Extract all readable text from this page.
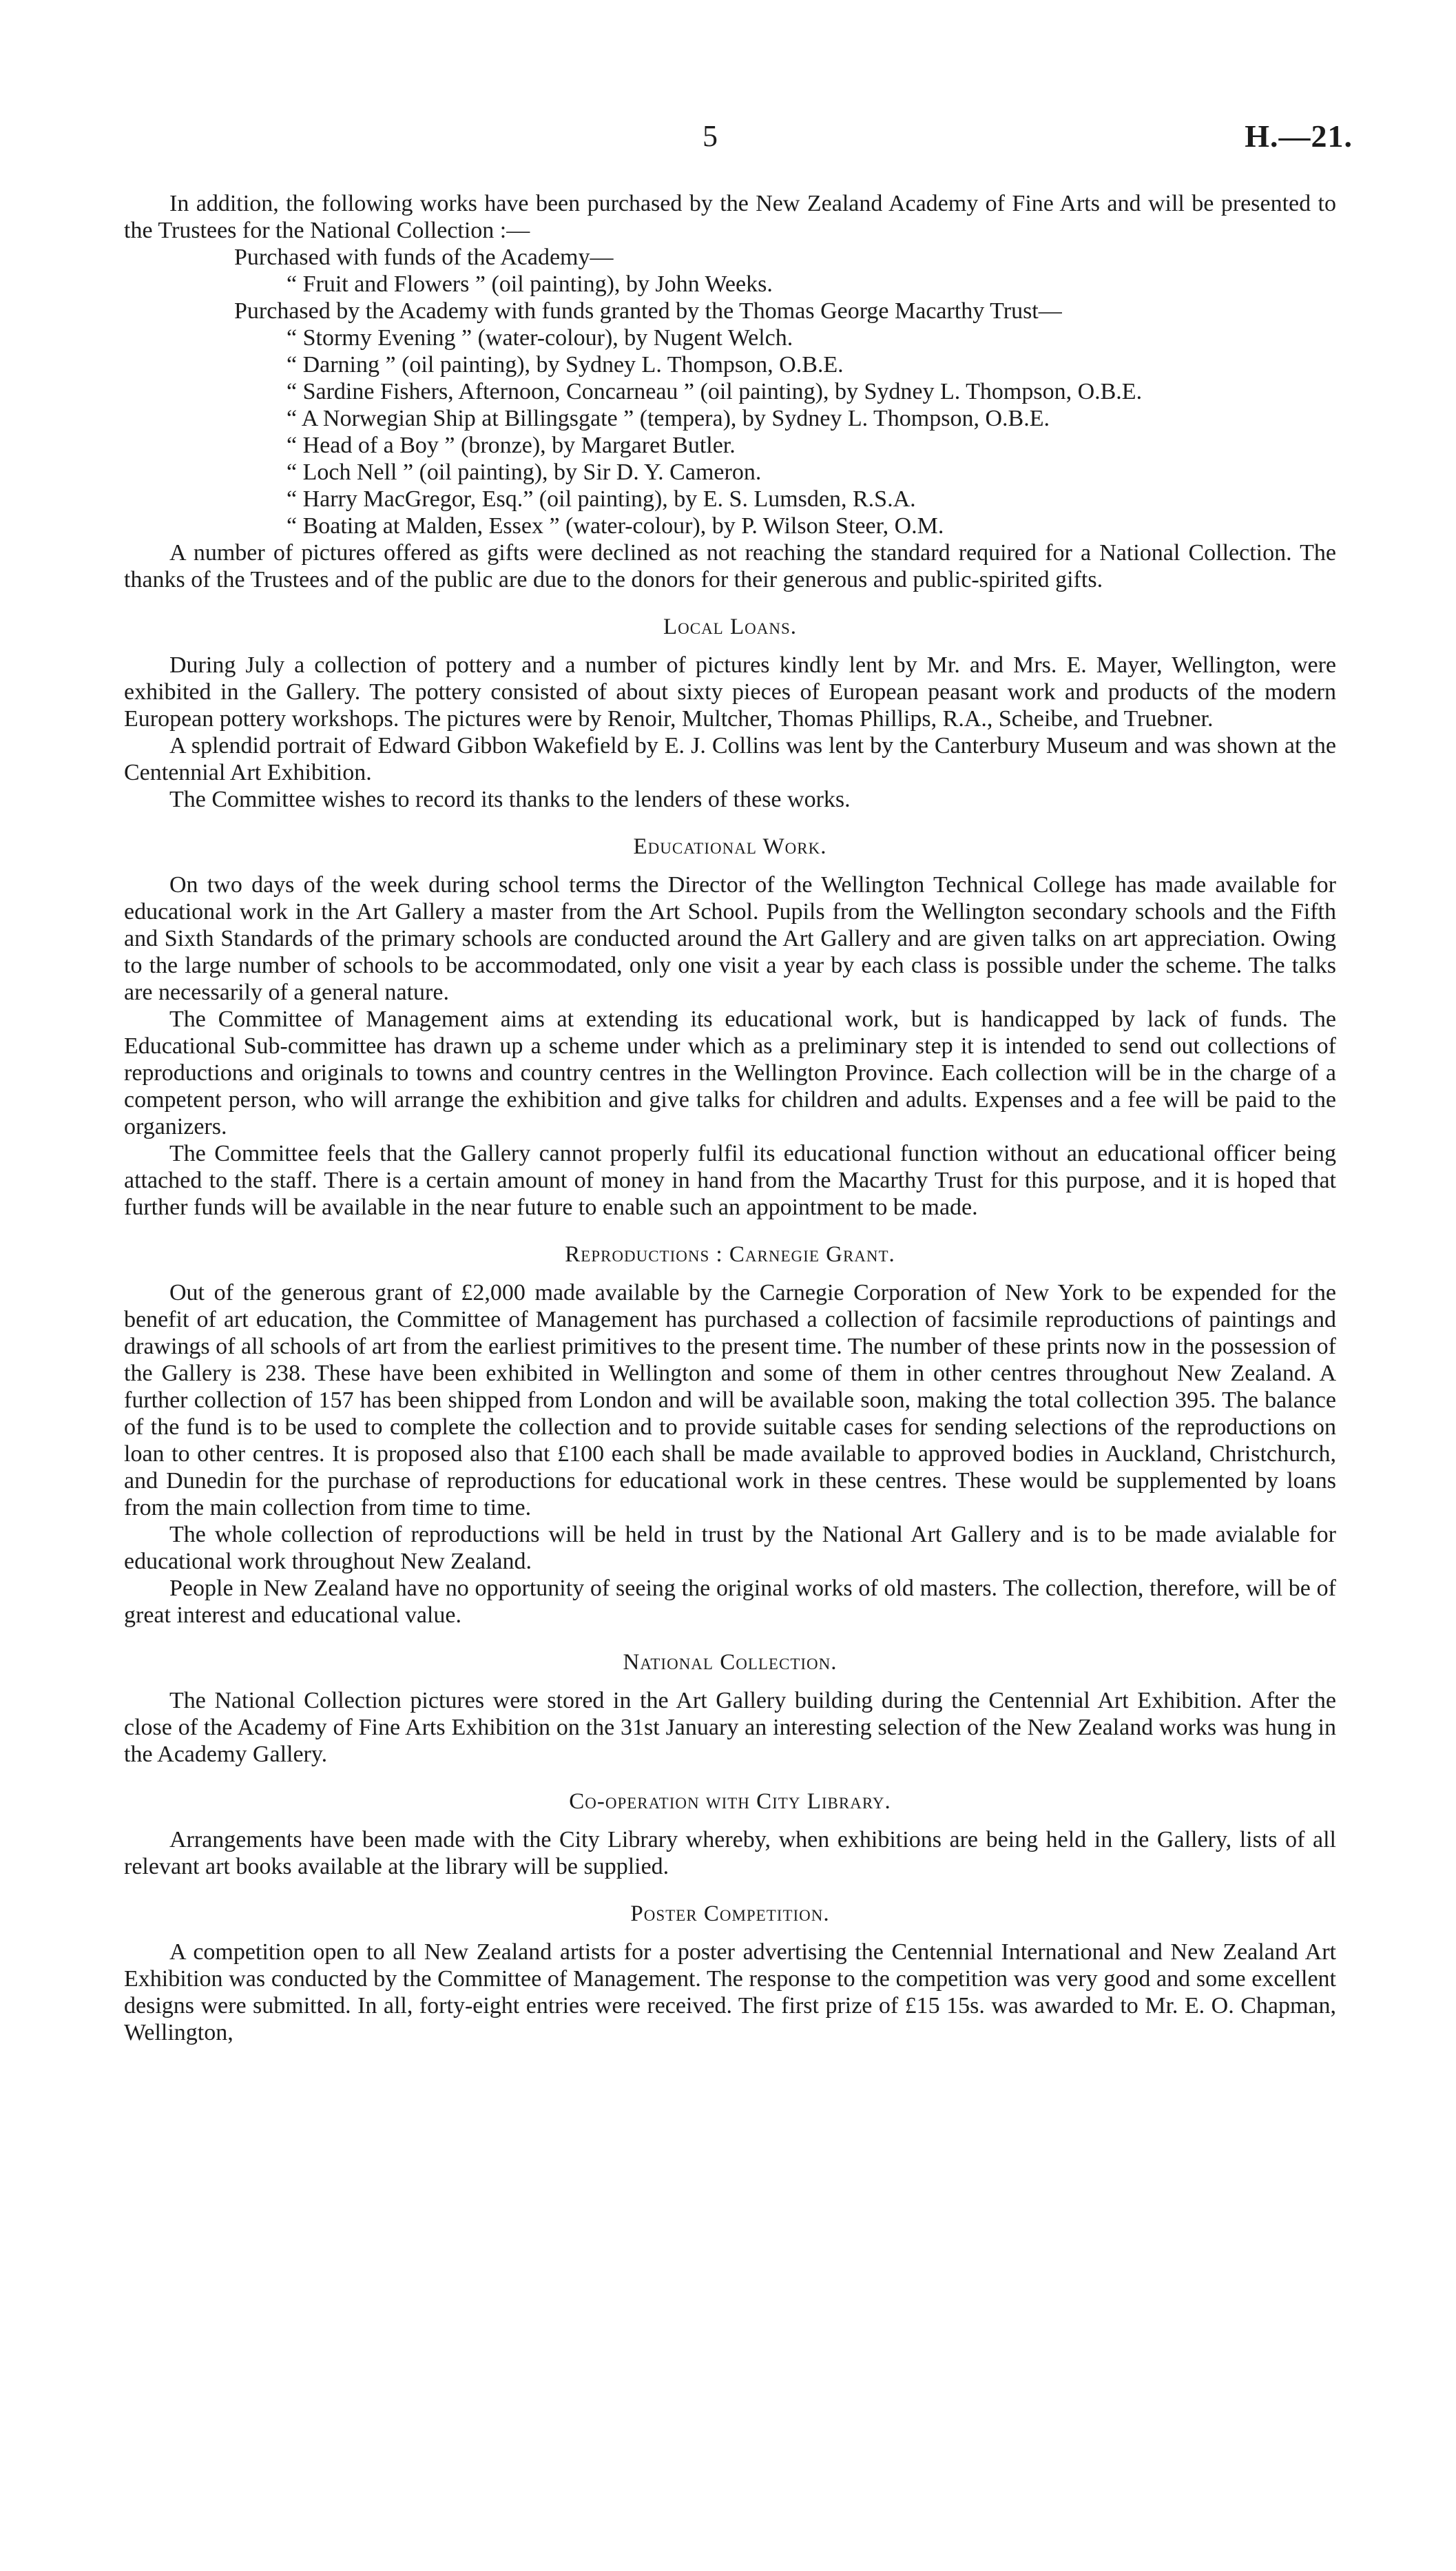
5	H.—21.

In addition, the following works have been purchased by the New Zealand Academy of Fine Arts and will be presented to the Trustees for the National Collection :—

Purchased with funds of the Academy—

“ Fruit and Flowers ” (oil painting), by John Weeks.

Purchased by the Academy with funds granted by the Thomas George Macarthy Trust—

“ Stormy Evening ” (water-colour), by Nugent Welch.

“ Darning ” (oil painting), by Sydney L. Thompson, O.B.E.

“ Sardine Fishers, Afternoon, Concarneau ” (oil painting), by Sydney L. Thompson, O.B.E.

“ A Norwegian Ship at Billingsgate ” (tempera), by Sydney L. Thompson, O.B.E.

“ Head of a Boy ” (bronze), by Margaret Butler.

“ Loch Nell ” (oil painting), by Sir D. Y. Cameron.

“ Harry MacGregor, Esq.” (oil painting), by E. S. Lumsden, R.S.A.

“ Boating at Malden, Essex ” (water-colour), by P. Wilson Steer, O.M.

A number of pictures offered as gifts were declined as not reaching the standard required for a National Collection. The thanks of the Trustees and of the public are due to the donors for their generous and public-spirited gifts.

Local Loans.

During July a collection of pottery and a number of pictures kindly lent by Mr. and Mrs. E. Mayer, Wellington, were exhibited in the Gallery. The pottery consisted of about sixty pieces of European peasant work and products of the modern European pottery workshops. The pictures were by Renoir, Multcher, Thomas Phillips, R.A., Scheibe, and Truebner.

A splendid portrait of Edward Gibbon Wakefield by E. J. Collins was lent by the Canterbury Museum and was shown at the Centennial Art Exhibition.

The Committee wishes to record its thanks to the lenders of these works.

Educational Work.

On two days of the week during school terms the Director of the Wellington Technical College has made available for educational work in the Art Gallery a master from the Art School. Pupils from the Wellington secondary schools and the Fifth and Sixth Standards of the primary schools are conducted around the Art Gallery and are given talks on art appreciation. Owing to the large number of schools to be accommodated, only one visit a year by each class is possible under the scheme. The talks are necessarily of a general nature.

The Committee of Management aims at extending its educational work, but is handicapped by lack of funds. The Educational Sub-committee has drawn up a scheme under which as a preliminary step it is intended to send out collections of reproductions and originals to towns and country centres in the Wellington Province. Each collection will be in the charge of a competent person, who will arrange the exhibition and give talks for children and adults. Expenses and a fee will be paid to the organizers.

The Committee feels that the Gallery cannot properly fulfil its educational function without an educational officer being attached to the staff. There is a certain amount of money in hand from the Macarthy Trust for this purpose, and it is hoped that further funds will be available in the near future to enable such an appointment to be made.

Reproductions : Carnegie Grant.

Out of the generous grant of £2,000 made available by the Carnegie Corporation of New York to be expended for the benefit of art education, the Committee of Management has purchased a collection of facsimile reproductions of paintings and drawings of all schools of art from the earliest primitives to the present time. The number of these prints now in the possession of the Gallery is 238. These have been exhibited in Wellington and some of them in other centres throughout New Zealand. A further collection of 157 has been shipped from London and will be available soon, making the total collection 395. The balance of the fund is to be used to complete the collection and to provide suitable cases for sending selections of the reproductions on loan to other centres. It is proposed also that £100 each shall be made available to approved bodies in Auckland, Christchurch, and Dunedin for the purchase of reproductions for educational work in these centres. These would be supplemented by loans from the main collection from time to time.

The whole collection of reproductions will be held in trust by the National Art Gallery and is to be made avialable for educational work throughout New Zealand.

People in New Zealand have no opportunity of seeing the original works of old masters. The collection, therefore, will be of great interest and educational value.

National Collection.

The National Collection pictures were stored in the Art Gallery building during the Centennial Art Exhibition. After the close of the Academy of Fine Arts Exhibition on the 31st January an interesting selection of the New Zealand works was hung in the Academy Gallery.

Co-operation with City Library.

Arrangements have been made with the City Library whereby, when exhibitions are being held in the Gallery, lists of all relevant art books available at the library will be supplied.

Poster Competition.

A competition open to all New Zealand artists for a poster advertising the Centennial International and New Zealand Art Exhibition was conducted by the Committee of Management. The response to the competition was very good and some excellent designs were submitted. In all, forty-eight entries were received. The first prize of £15 15s. was awarded to Mr. E. O. Chapman, Wellington,
